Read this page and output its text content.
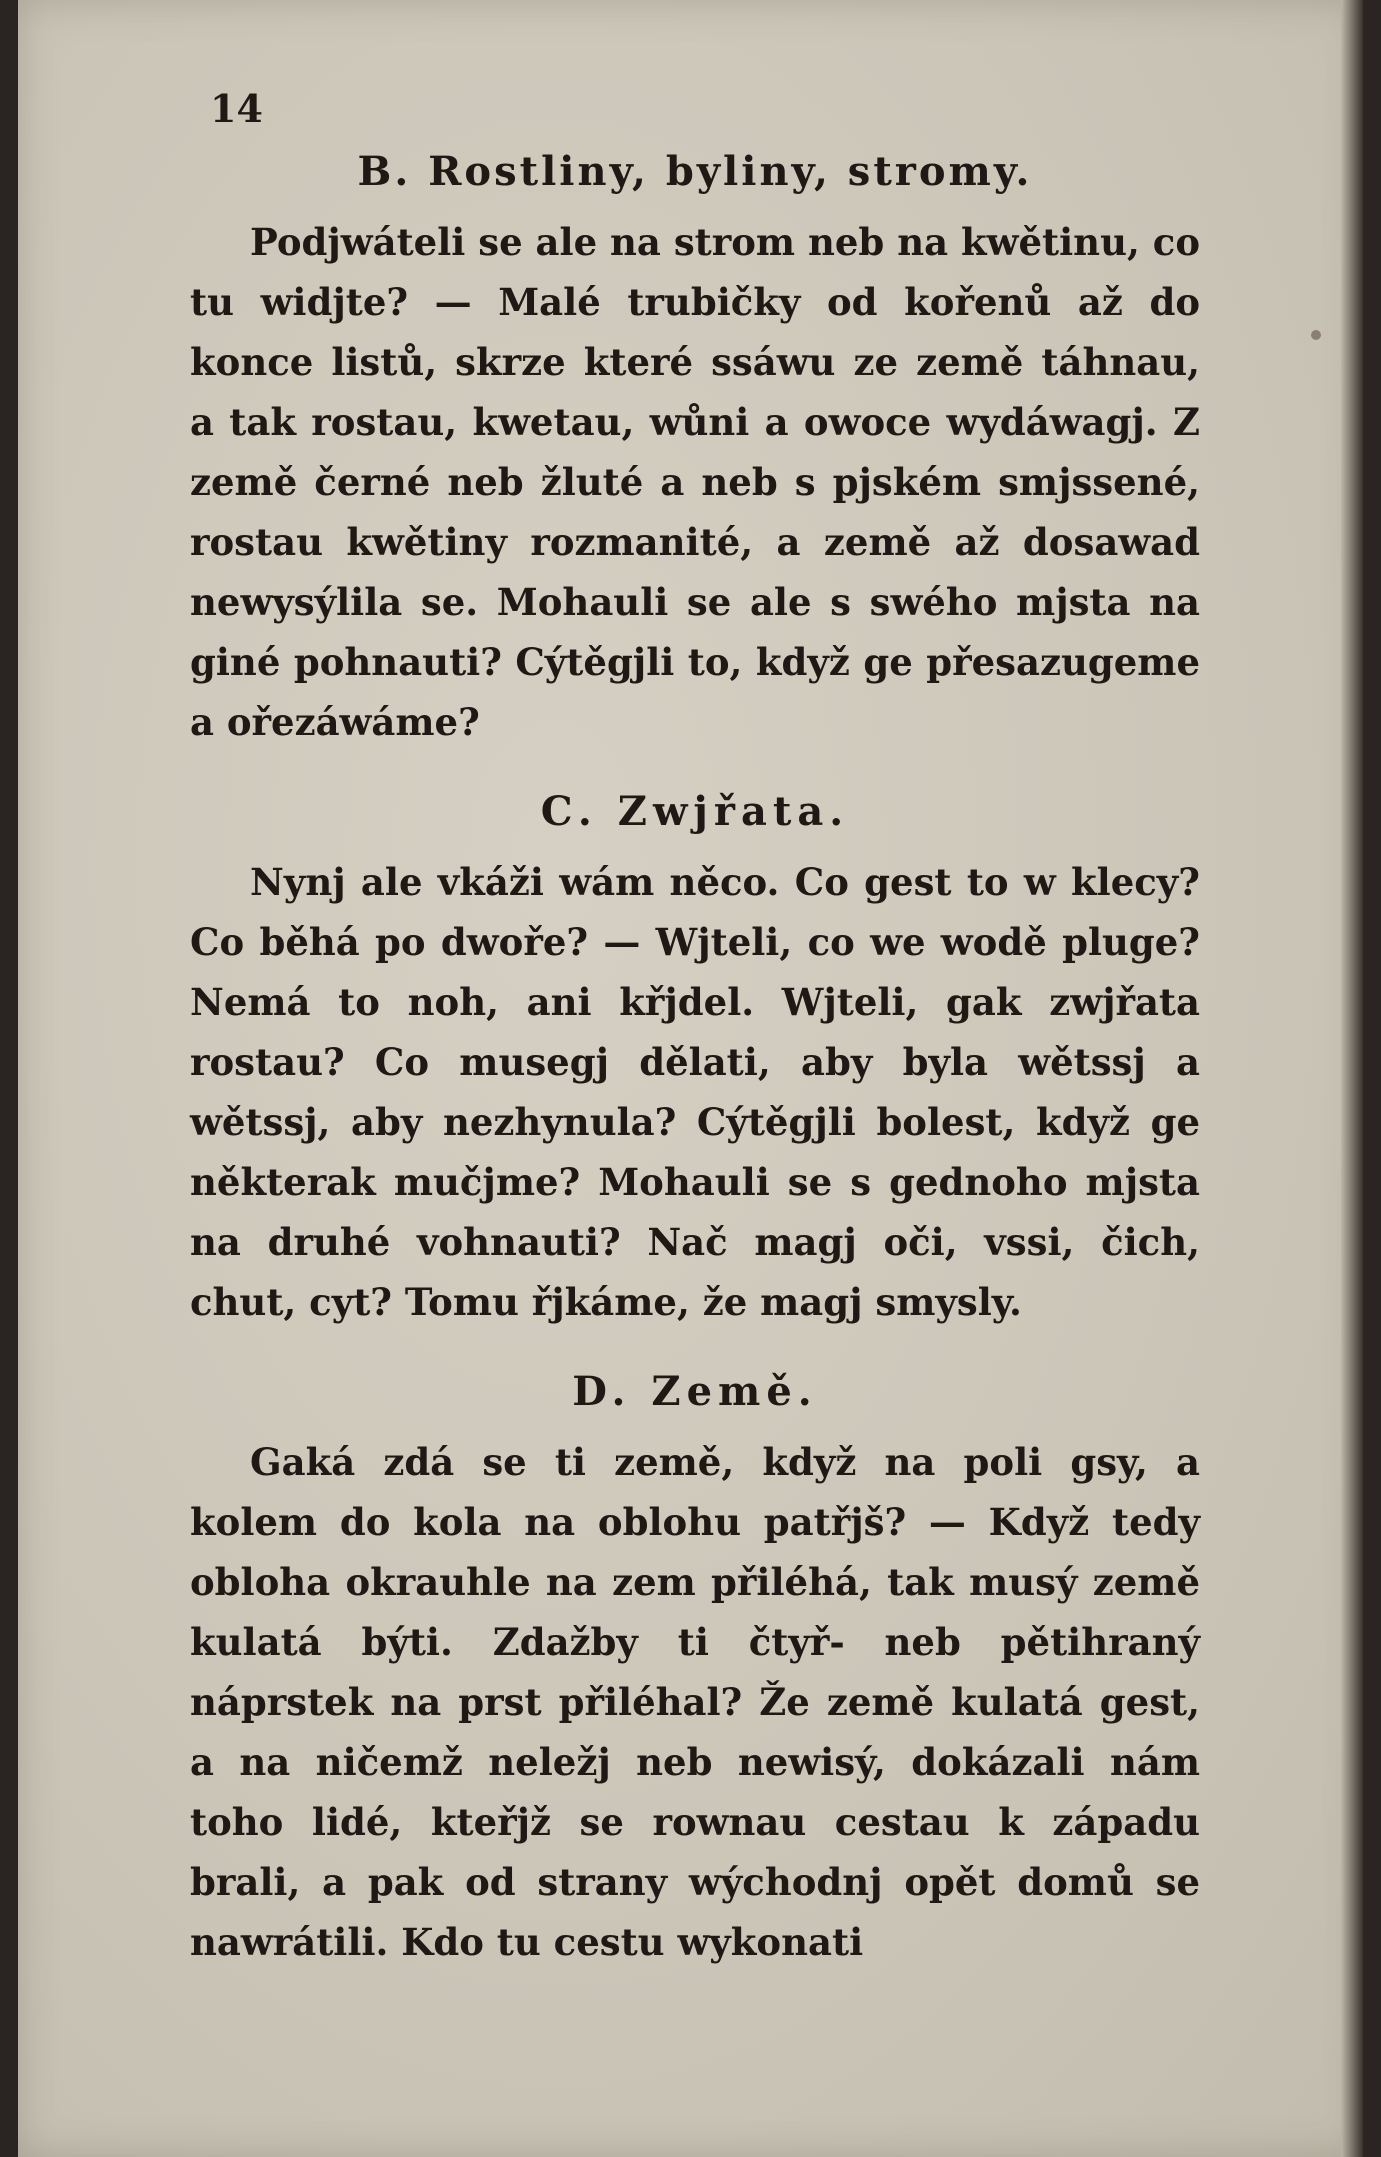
14
B. Rostliny, byliny, stromy.

Podjwáteli se ale na strom neb na kwětinu, co tu widjte? — Malé trubičky od kořenů až do konce listů, skrze které ssáwu ze země táhnau, a tak rostau, kwetau, wůni a owoce wydáwagj. Z země černé neb žluté a neb s pjském smjssené, rostau kwětiny rozmanité, a země až dosawad newysýlila se. Mohauli se ale s swého mjsta na giné pohnauti? Cýtěgjli to, když ge přesazugeme a ořezáwáme?

C. Zwjřata.

Nynj ale vkáži wám něco. Co gest to w klecy? Co běhá po dwoře? — Wjteli, co we wodě pluge? Nemá to noh, ani křjdel. Wjteli, gak zwjřata rostau? Co musegj dělati, aby byla wětssj a wětssj, aby nezhynula? Cýtěgjli bolest, když ge některak mučjme? Mohauli se s gednoho mjsta na druhé vohnauti? Nač magj oči, vssi, čich, chut, cyt? Tomu řjkáme, že magj smysly.

D. Země.

Gaká zdá se ti země, když na poli gsy, a kolem do kola na oblohu patřjš? — Když tedy obloha okrauhle na zem přiléhá, tak musý země kulatá býti. Zdažby ti čtyř- neb pětihraný náprstek na prst přiléhal? Že země kulatá gest, a na ničemž neležj neb newisý, dokázali nám toho lidé, kteřjž se rownau cestau k západu brali, a pak od strany wýchodnj opět domů se nawrátili. Kdo tu cestu wykonati
